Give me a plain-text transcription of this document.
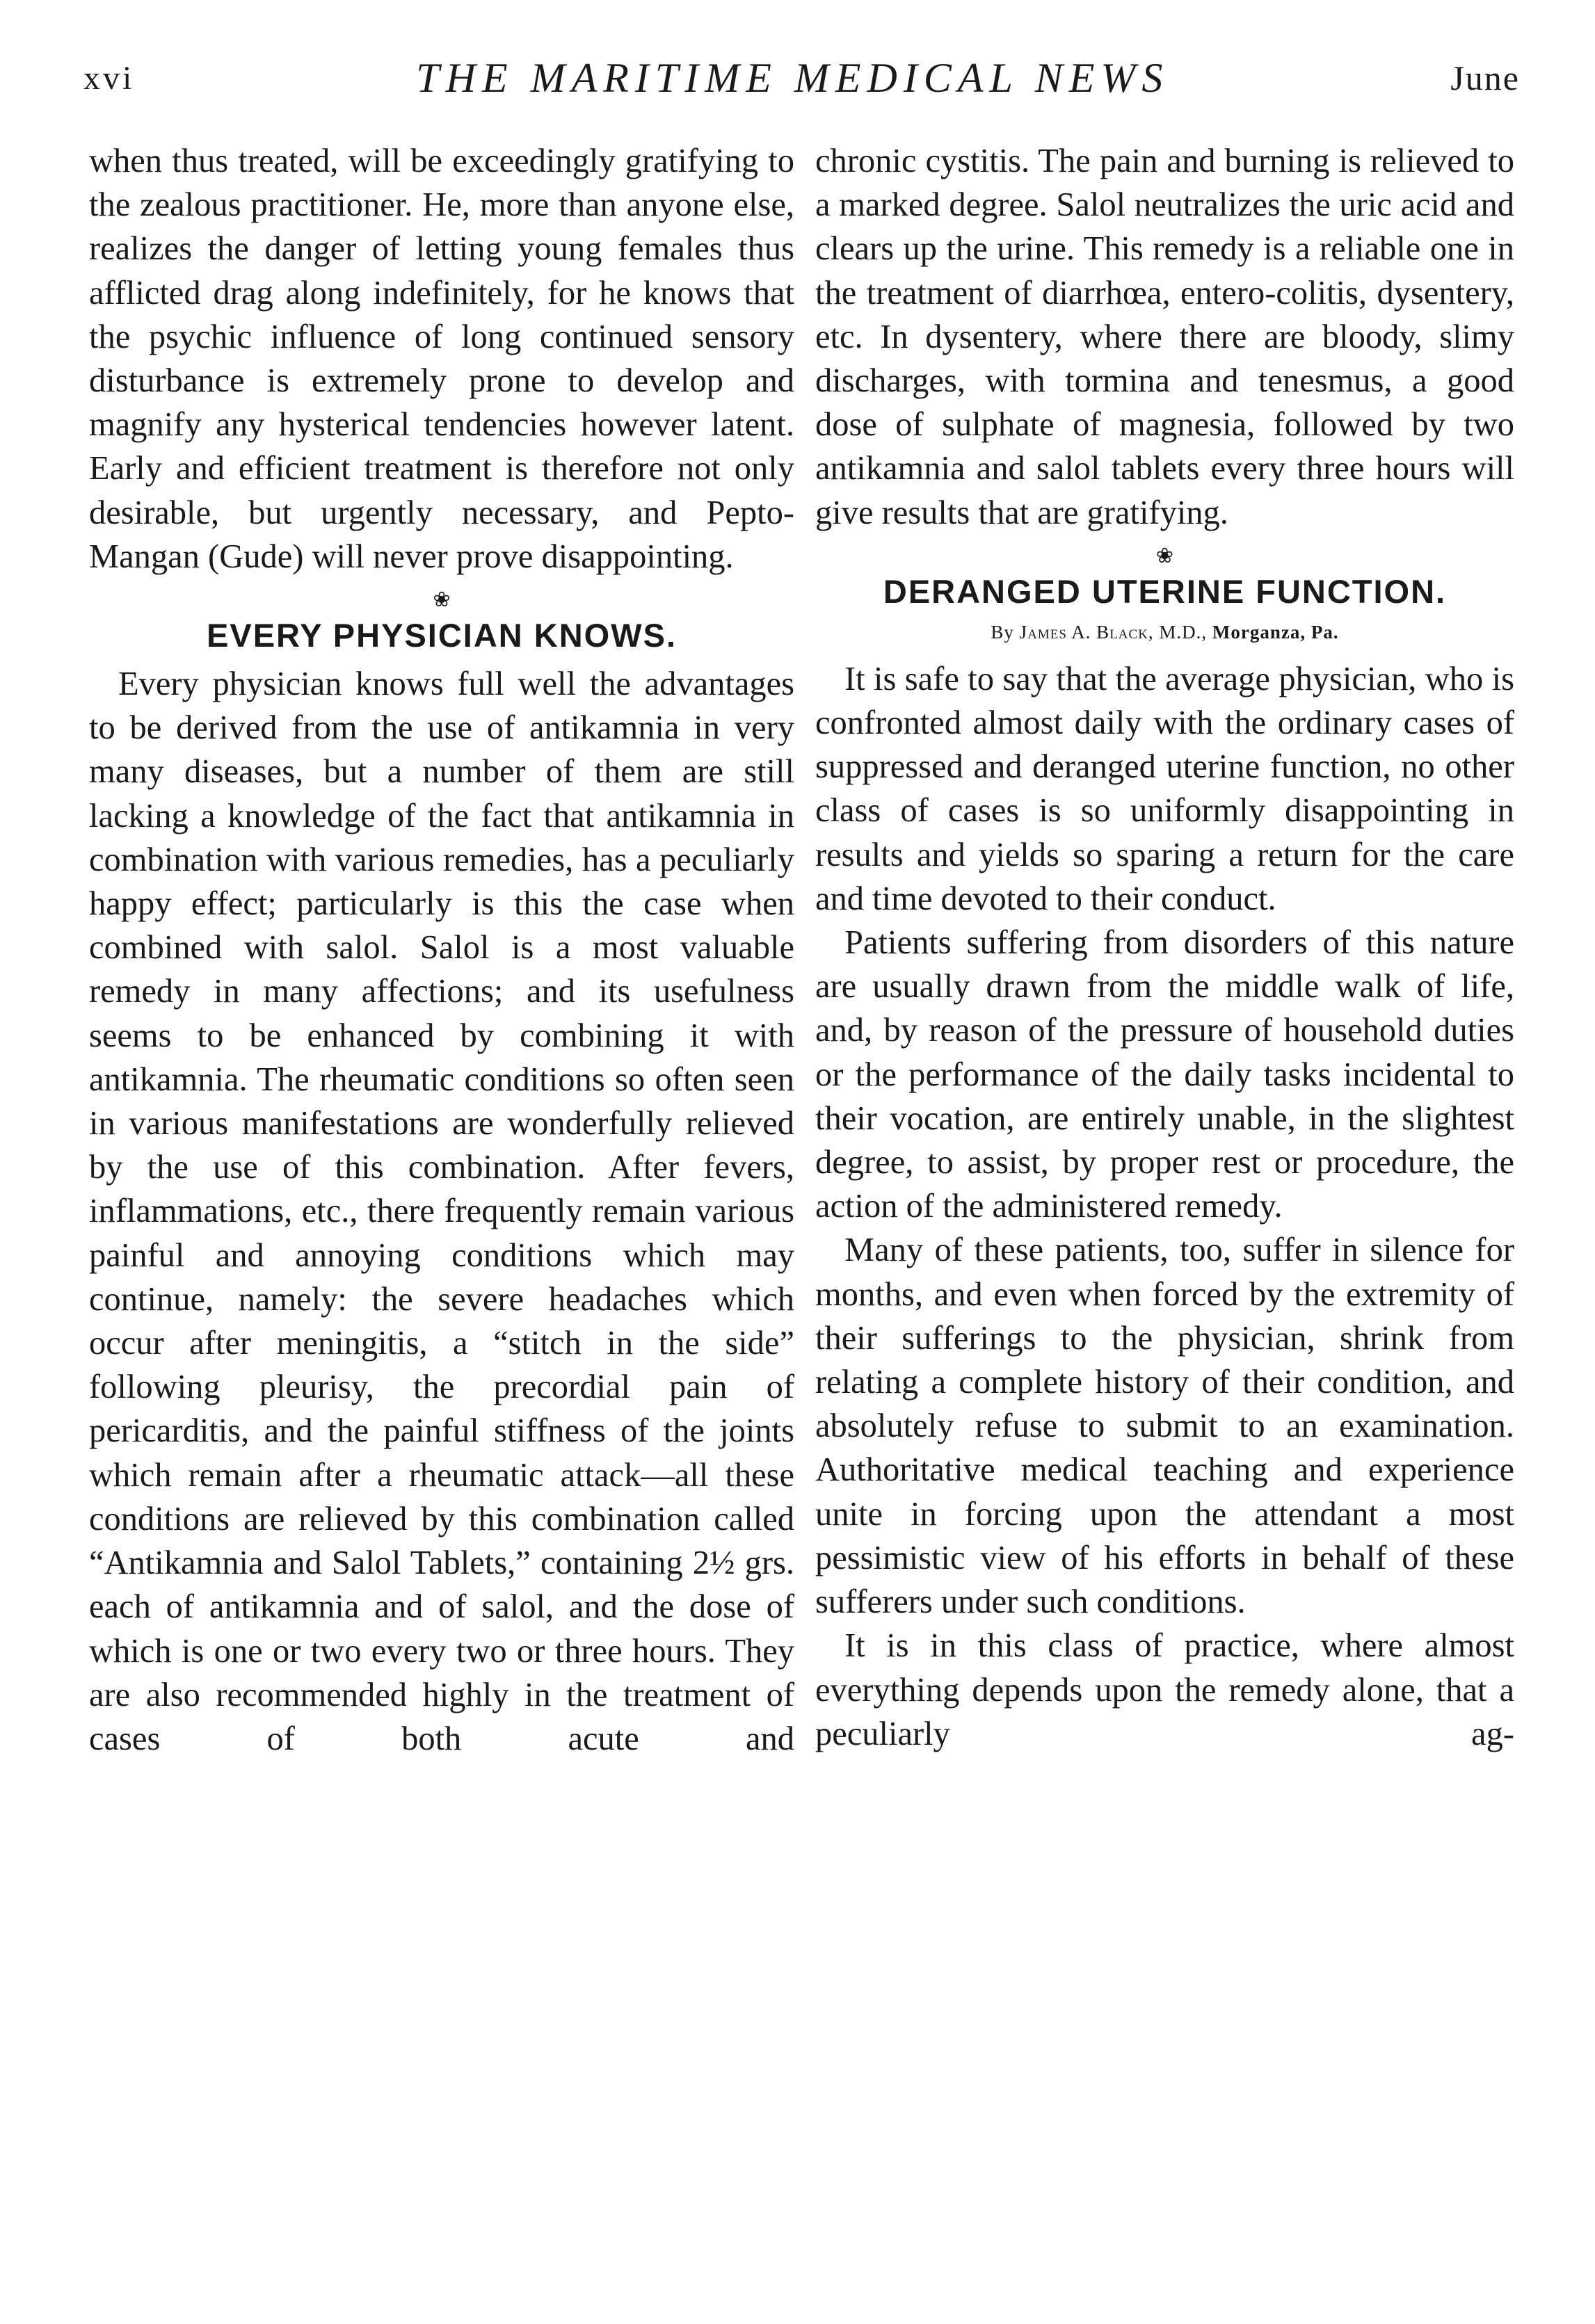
xvi	THE MARITIME MEDICAL NEWS	June

when thus treated, will be exceedingly gratifying to the zealous practitioner. He, more than anyone else, realizes the danger of letting young females thus afflicted drag along indefinitely, for he knows that the psychic influence of long continued sensory disturbance is extremely prone to develop and magnify any hysterical tendencies however latent. Early and efficient treatment is therefore not only desirable, but urgently necessary, and Pepto-Mangan (Gude) will never prove disappointing.

❀
EVERY PHYSICIAN KNOWS.

Every physician knows full well the advantages to be derived from the use of antikamnia in very many diseases, but a number of them are still lacking a knowledge of the fact that antikamnia in combination with various remedies, has a peculiarly happy effect; particularly is this the case when combined with salol. Salol is a most valuable remedy in many affections; and its usefulness seems to be enhanced by combining it with antikamnia. The rheumatic conditions so often seen in various manifestations are wonderfully relieved by the use of this combination. After fevers, inflammations, etc., there frequently remain various painful and annoying conditions which may continue, namely: the severe headaches which occur after meningitis, a “stitch in the side” following pleurisy, the precordial pain of pericarditis, and the painful stiffness of the joints which remain after a rheumatic attack—all these conditions are relieved by this combination called “Antikamnia and Salol Tablets,” containing 2½ grs. each of antikamnia and of salol, and the dose of which is one or two every two or three hours. They are also recommended highly in the treatment of cases of both acute and

chronic cystitis. The pain and burning is relieved to a marked degree. Salol neutralizes the uric acid and clears up the urine. This remedy is a reliable one in the treatment of diarrhœa, entero-colitis, dysentery, etc. In dysentery, where there are bloody, slimy discharges, with tormina and tenesmus, a good dose of sulphate of magnesia, followed by two antikamnia and salol tablets every three hours will give results that are gratifying.

❀
DERANGED UTERINE FUNCTION.
By James A. Black, M.D., Morganza, Pa.

It is safe to say that the average physician, who is confronted almost daily with the ordinary cases of suppressed and deranged uterine function, no other class of cases is so uniformly disappointing in results and yields so sparing a return for the care and time devoted to their conduct.

Patients suffering from disorders of this nature are usually drawn from the middle walk of life, and, by reason of the pressure of household duties or the performance of the daily tasks incidental to their vocation, are entirely unable, in the slightest degree, to assist, by proper rest or procedure, the action of the administered remedy.

Many of these patients, too, suffer in silence for months, and even when forced by the extremity of their sufferings to the physician, shrink from relating a complete history of their condition, and absolutely refuse to submit to an examination. Authoritative medical teaching and experience unite in forcing upon the attendant a most pessimistic view of his efforts in behalf of these sufferers under such conditions.

It is in this class of practice, where almost everything depends upon the remedy alone, that a peculiarly ag-
